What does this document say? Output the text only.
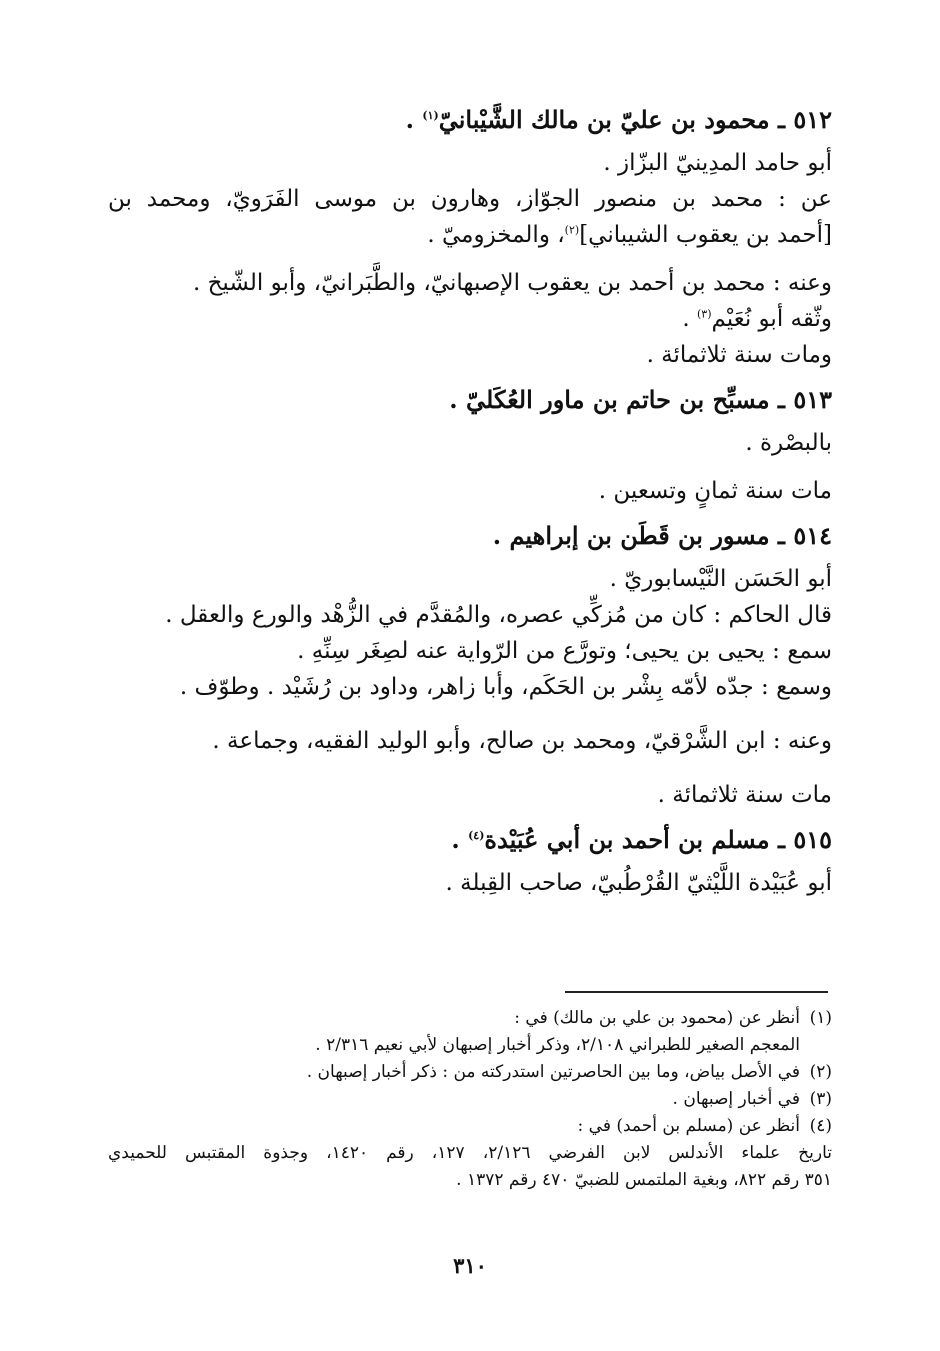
٥١٢ ـ محمود بن عليّ بن مالك الشَّيْبانيّ$^{(١)}$ .
أبو حامد المدِينيّ البزّاز .
عن : محمد بن منصور الجوّاز، وهارون بن موسى الفَرَويّ، ومحمد بن
[أحمد بن يعقوب الشيباني]$^{(٢)}$، والمخزوميّ .
وعنه : محمد بن أحمد بن يعقوب الإصبهانيّ، والطَّبَرانيّ، وأبو الشّيخ .
وثّقه أبو نُعَيْم$^{(٣)}$ .
ومات سنة ثلاثمائة .
٥١٣ ـ مسبِّح بن حاتم بن ماور العُكَليّ .
بالبصْرة .
مات سنة ثمانٍ وتسعين .
٥١٤ ـ مسور بن قَطَن بن إبراهيم .
أبو الحَسَن النَّيْسابوريّ .
قال الحاكم : كان من مُزكِّي عصره، والمُقدَّم في الزُّهْد والورع والعقل .
سمع : يحيى بن يحيى؛ وتورَّع من الرّواية عنه لصِغَر سِنِّهِ .
وسمع : جدّه لأمّه بِشْر بن الحَكَم، وأبا زاهر، وداود بن رُشَيْد . وطوّف .
وعنه : ابن الشَّرْقيّ، ومحمد بن صالح، وأبو الوليد الفقيه، وجماعة .
مات سنة ثلاثمائة .
٥١٥ ـ مسلم بن أحمد بن أبي عُبَيْدة$^{(٤)}$ .
أبو عُبَيْدة اللَّيْثيّ القُرْطُبيّ، صاحب القِبلة .
(١)أنظر عن (محمود بن علي بن مالك) في :
المعجم الصغير للطبراني ٢/١٠٨، وذكر أخبار إصبهان لأبي نعيم ٢/٣١٦ .
(٢)في الأصل بياض، وما بين الحاصرتين استدركته من : ذكر أخبار إصبهان .
(٣)في أخبار إصبهان .
(٤)أنظر عن (مسلم بن أحمد) في :
تاريخ علماء الأندلس لابن الفرضي ٢/١٢٦، ١٢٧، رقم ١٤٢٠، وجذوة المقتبس للحميدي
٣٥١ رقم ٨٢٢، وبغية الملتمس للضبيّ ٤٧٠ رقم ١٣٧٢ .
٣١٠
